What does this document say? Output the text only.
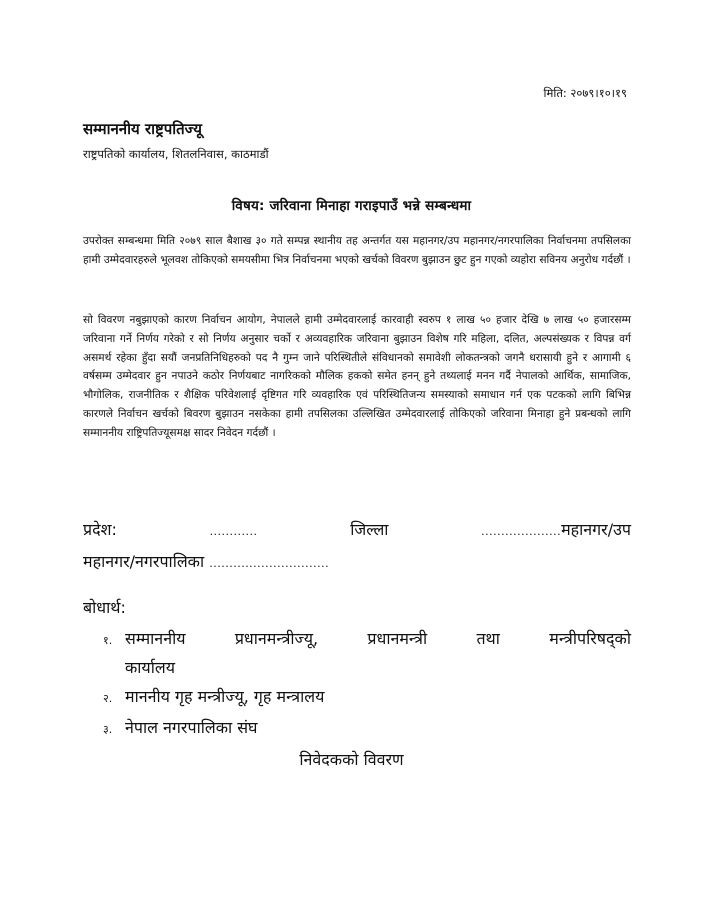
मिति: २०७९।१०।१९
सम्माननीय राष्ट्रपतिज्यू
राष्ट्रपतिको कार्यालय, शितलनिवास, काठमाडौं
विषय: जरिवाना मिनाहा गराइपाउँ भन्ने सम्बन्धमा

उपरोक्त सम्बन्धमा मिति २०७९ साल बैशाख ३० गते सम्पन्न स्थानीय तह अन्तर्गत यस महानगर/उप महानगर/नगरपालिका निर्वाचनमा तपसिलका हामी उम्मेदवारहरुले भूलवश तोकिएको समयसीमा भित्र निर्वाचनमा भएको खर्चको विवरण बुझाउन छुट हुन गएको व्यहोरा सविनय अनुरोध गर्दछौं ।

सो विवरण नबुझाएको कारण निर्वाचन आयोग, नेपालले हामी उम्मेदवारलाई कारवाही स्वरुप १ लाख ५० हजार देखि ७ लाख ५० हजारसम्म जरिवाना गर्ने निर्णय गरेको र सो निर्णय अनुसार चर्को र अव्यवहारिक जरिवाना बुझाउन विशेष गरि महिला, दलित, अल्पसंख्यक र विपन्न वर्ग असमर्थ रहेका हुँदा सयौं जनप्रतिनिधिहरुको पद नै गुम्न जाने परिस्थितीले संविधानको समावेशी लोकतन्त्रको जगनै धरासायी हुने र आगामी ६ वर्षसम्म उम्मेदवार हुन नपाउने कठोर निर्णयबाट नागरिकको मौलिक हकको समेत हनन् हुने तथ्यलाई मनन गर्दै नेपालको आर्थिक, सामाजिक, भौगोलिक, राजनीतिक र शैक्षिक परिवेशलाई दृष्टिगत गरि व्यवहारिक एवं परिस्थितिजन्य समस्याको समाधान गर्न एक पटकको लागि बिभिन्न कारणले निर्वाचन खर्चको बिवरण बुझाउन नसकेका हामी तपसिलका उल्लिखित उम्मेदवारलाई तोकिएको जरिवाना मिनाहा हुने प्रबन्धको लागि सम्माननीय राष्ट्रिपतिज्यूसमक्ष सादर निवेदन गर्दछौं ।

प्रदेश:	............	जिल्ला	....................महानगर/उप
महानगर/नगरपालिका ..............................
बोधार्थ:
१. सम्माननीय	प्रधानमन्त्रीज्यू,	प्रधानमन्त्री	तथा	मन्त्रीपरिषद्को
कार्यालय
२. माननीय गृह मन्त्रीज्यू, गृह मन्त्रालय
३. नेपाल नगरपालिका संघ
निवेदकको विवरण
